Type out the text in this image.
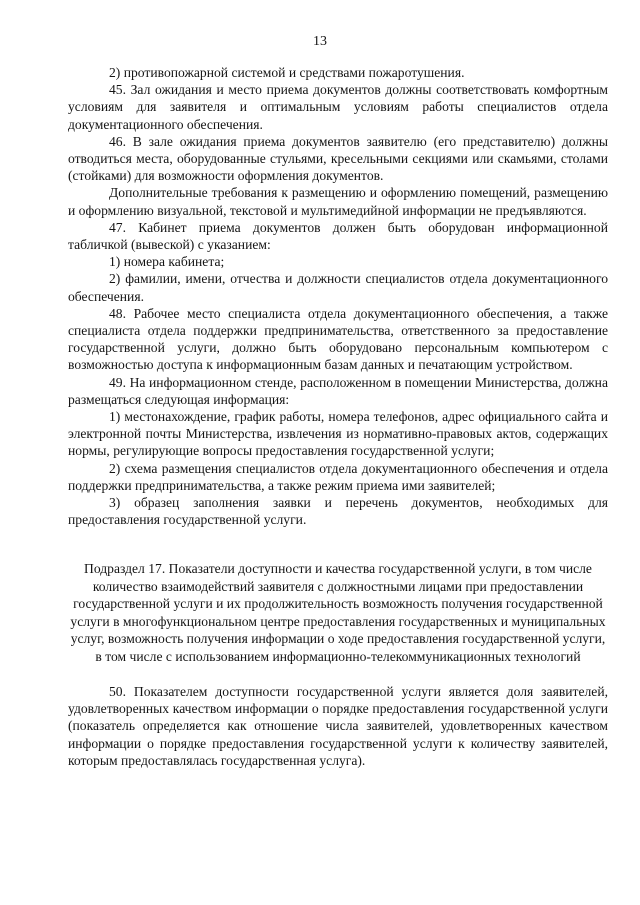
13

2) противопожарной системой и средствами пожаротушения.

45. Зал ожидания и место приема документов должны соответствовать комфортным условиям для заявителя и оптимальным условиям работы специалистов отдела документационного обеспечения.

46. В зале ожидания приема документов заявителю (его представителю) должны отводиться места, оборудованные стульями, кресельными секциями или скамьями, столами (стойками) для возможности оформления документов.

Дополнительные требования к размещению и оформлению помещений, размещению и оформлению визуальной, текстовой и мультимедийной информации не предъявляются.

47. Кабинет приема документов должен быть оборудован информационной табличкой (вывеской) с указанием:

1) номера кабинета;

2) фамилии, имени, отчества и должности специалистов отдела документационного обеспечения.

48. Рабочее место специалиста отдела документационного обеспечения, а также специалиста отдела поддержки предпринимательства, ответственного за предоставление государственной услуги, должно быть оборудовано персональным компьютером с возможностью доступа к информационным базам данных и печатающим устройством.

49. На информационном стенде, расположенном в помещении Министерства, должна размещаться следующая информация:

1) местонахождение, график работы, номера телефонов, адрес официального сайта и электронной почты Министерства, извлечения из нормативно-правовых актов, содержащих нормы, регулирующие вопросы предоставления государственной услуги;

2) схема размещения специалистов отдела документационного обеспечения и отдела поддержки предпринимательства, а также режим приема ими заявителей;

3) образец заполнения заявки и перечень документов, необходимых для предоставления государственной услуги.

Подраздел 17. Показатели доступности и качества государственной услуги, в том числе количество взаимодействий заявителя с должностными лицами при предоставлении государственной услуги и их продолжительность возможность получения государственной услуги в многофункциональном центре предоставления государственных и муниципальных услуг, возможность получения информации о ходе предоставления государственной услуги, в том числе с использованием информационно-телекоммуникационных технологий

50. Показателем доступности государственной услуги является доля заявителей, удовлетворенных качеством информации о порядке предоставления государственной услуги (показатель определяется как отношение числа заявителей, удовлетворенных качеством информации о порядке предоставления государственной услуги к количеству заявителей, которым предоставлялась государственная услуга).
